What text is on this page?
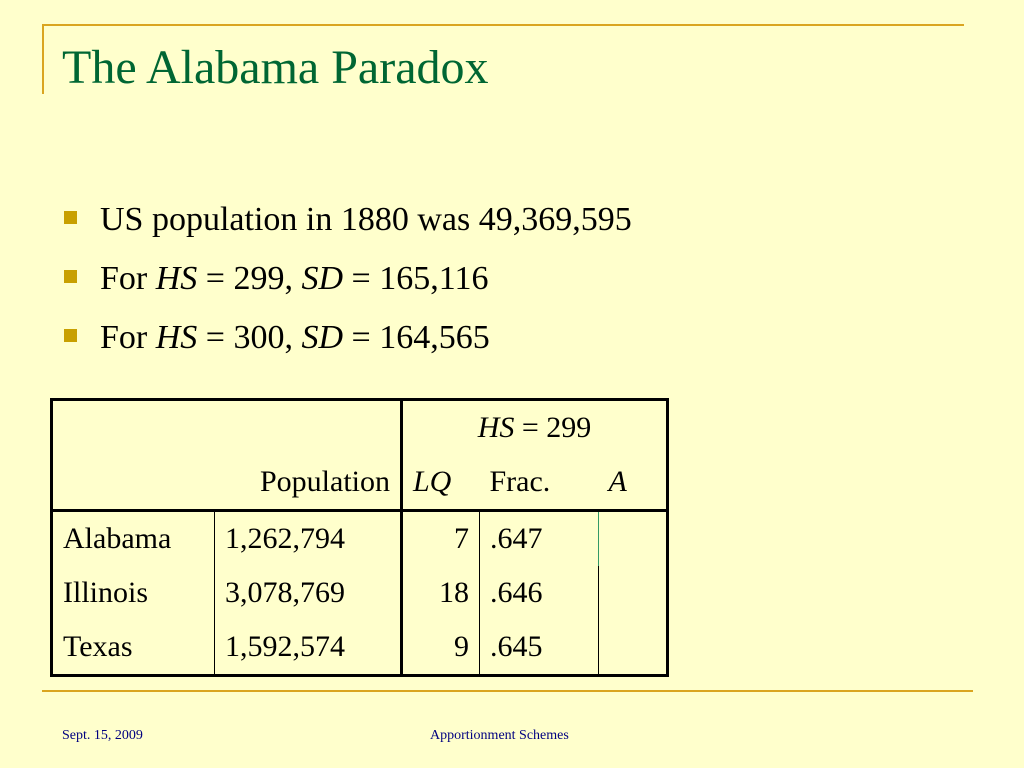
The Alabama Paradox
US population in 1880 was 49,369,595
For HS = 299, SD = 165,116
For HS = 300, SD = 164,565
		HS = 299		
	Population	LQ	Frac.	A
Alabama	1,262,794	7	.647	
Illinois	3,078,769	18	.646	
Texas	1,592,574	9	.645	
Sept. 15, 2009	Apportionment Schemes
